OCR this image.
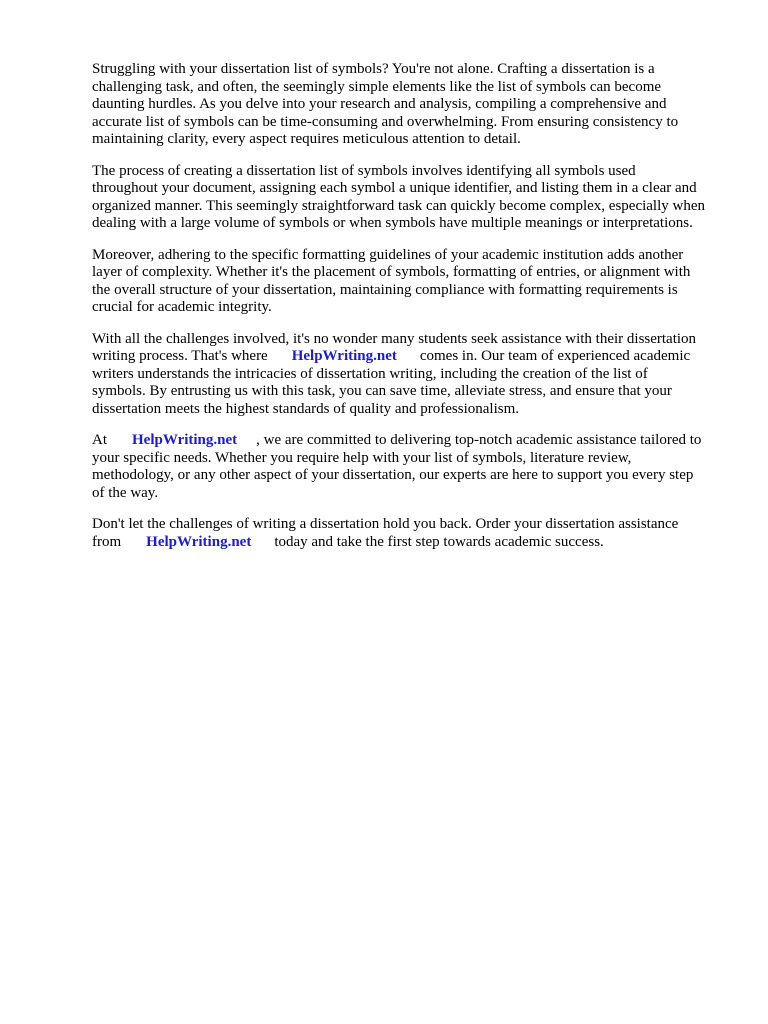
Struggling with your dissertation list of symbols? You're not alone. Crafting a dissertation is a
challenging task, and often, the seemingly simple elements like the list of symbols can become
daunting hurdles. As you delve into your research and analysis, compiling a comprehensive and
accurate list of symbols can be time-consuming and overwhelming. From ensuring consistency to
maintaining clarity, every aspect requires meticulous attention to detail.

The process of creating a dissertation list of symbols involves identifying all symbols used
throughout your document, assigning each symbol a unique identifier, and listing them in a clear and
organized manner. This seemingly straightforward task can quickly become complex, especially when
dealing with a large volume of symbols or when symbols have multiple meanings or interpretations.

Moreover, adhering to the specific formatting guidelines of your academic institution adds another
layer of complexity. Whether it's the placement of symbols, formatting of entries, or alignment with
the overall structure of your dissertation, maintaining compliance with formatting requirements is
crucial for academic integrity.

With all the challenges involved, it's no wonder many students seek assistance with their dissertation
writing process. That's where HelpWriting.net comes in. Our team of experienced academic
writers understands the intricacies of dissertation writing, including the creation of the list of
symbols. By entrusting us with this task, you can save time, alleviate stress, and ensure that your
dissertation meets the highest standards of quality and professionalism.

At HelpWriting.net , we are committed to delivering top-notch academic assistance tailored to
your specific needs. Whether you require help with your list of symbols, literature review,
methodology, or any other aspect of your dissertation, our experts are here to support you every step
of the way.

Don't let the challenges of writing a dissertation hold you back. Order your dissertation assistance
from HelpWriting.net today and take the first step towards academic success.
